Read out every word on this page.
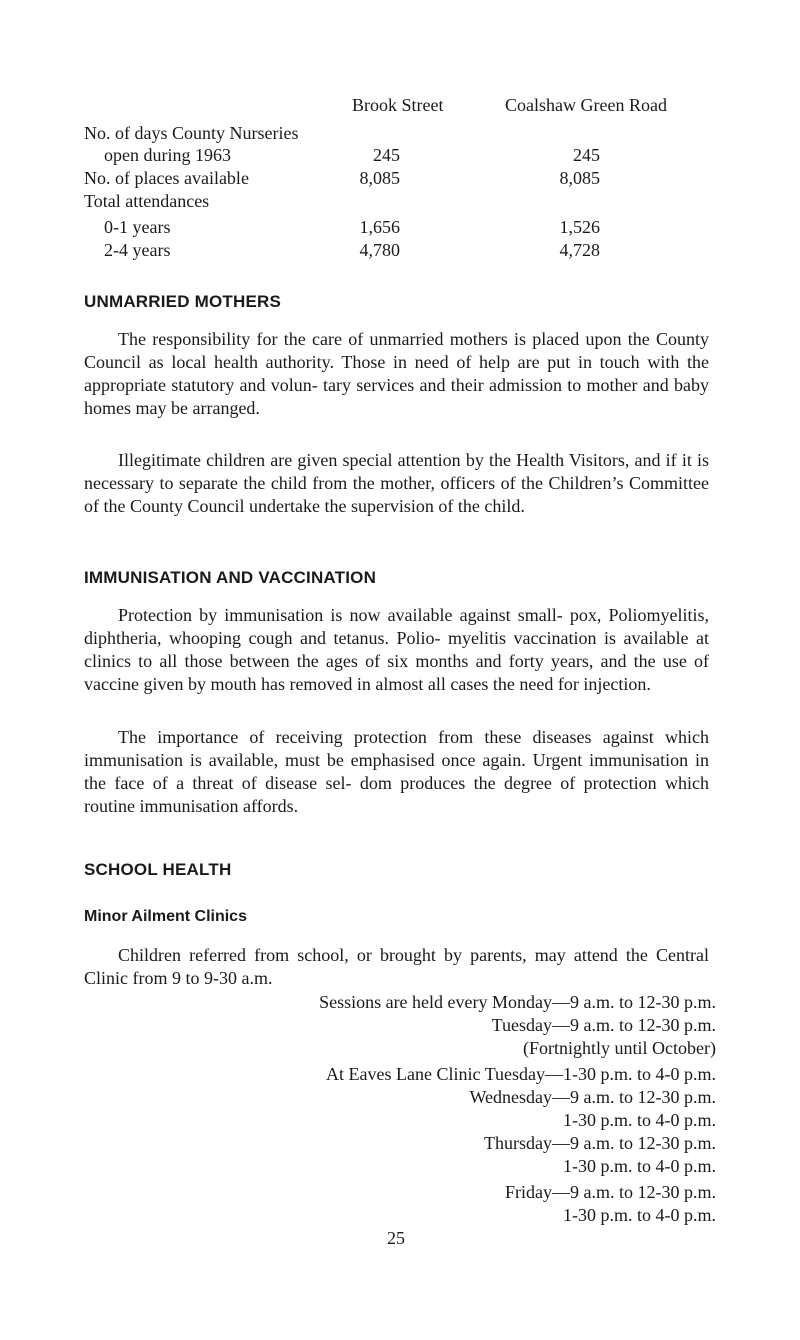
Brook Street	Coalshaw Green Road
No. of days County Nurseries
open during 1963	245	245
No. of places available	8,085	8,085
Total attendances
0-1 years	1,656	1,526
2-4 years	4,780	4,728
UNMARRIED MOTHERS

The responsibility for the care of unmarried mothers is placed upon the County Council as local health authority. Those in need of help are put in touch with the appropriate statutory and volun- tary services and their admission to mother and baby homes may be arranged.

Illegitimate children are given special attention by the Health Visitors, and if it is necessary to separate the child from the mother, officers of the Children’s Committee of the County Council undertake the supervision of the child.

IMMUNISATION AND VACCINATION

Protection by immunisation is now available against small- pox, Poliomyelitis, diphtheria, whooping cough and tetanus. Polio- myelitis vaccination is available at clinics to all those between the ages of six months and forty years, and the use of vaccine given by mouth has removed in almost all cases the need for injection.

The importance of receiving protection from these diseases against which immunisation is available, must be emphasised once again. Urgent immunisation in the face of a threat of disease sel- dom produces the degree of protection which routine immunisation affords.

SCHOOL HEALTH
Minor Ailment Clinics

Children referred from school, or brought by parents, may attend the Central Clinic from 9 to 9-30 a.m.

Sessions are held every Monday—9 a.m. to 12-30 p.m.
Tuesday—9 a.m. to 12-30 p.m.
(Fortnightly until October)
At Eaves Lane Clinic Tuesday—1-30 p.m. to 4-0 p.m.
Wednesday—9 a.m. to 12-30 p.m.
1-30 p.m. to 4-0 p.m.
Thursday—9 a.m. to 12-30 p.m.
1-30 p.m. to 4-0 p.m.
Friday—9 a.m. to 12-30 p.m.
1-30 p.m. to 4-0 p.m.
25
